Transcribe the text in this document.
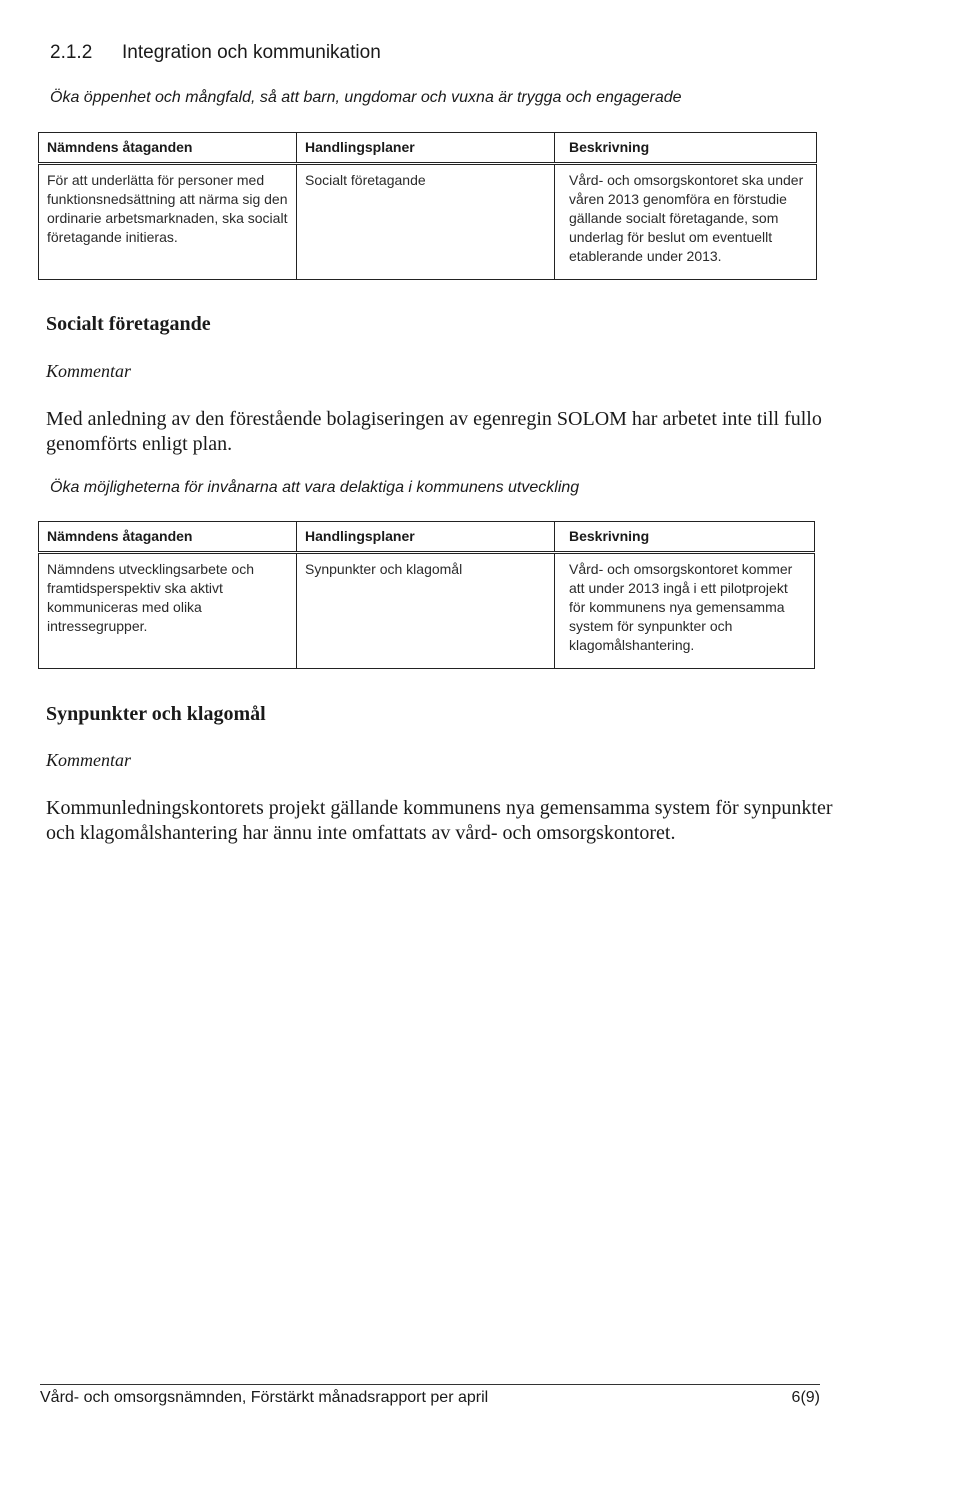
2.1.2 Integration och kommunikation
Öka öppenhet och mångfald, så att barn, ungdomar och vuxna är trygga och engagerade
Nämndens åtaganden	Handlingsplaner	Beskrivning
För att underlätta för personer med funktionsnedsättning att närma sig den ordinarie arbetsmarknaden, ska socialt företagande initieras.	Socialt företagande	Vård- och omsorgskontoret ska under våren 2013 genomföra en förstudie gällande socialt företagande, som underlag för beslut om eventuellt etablerande under 2013.
Socialt företagande
Kommentar
Med anledning av den förestående bolagiseringen av egenregin SOLOM har arbetet inte till fullo genomförts enligt plan.
Öka möjligheterna för invånarna att vara delaktiga i kommunens utveckling
Nämndens åtaganden	Handlingsplaner	Beskrivning
Nämndens utvecklingsarbete och framtidsperspektiv ska aktivt kommuniceras med olika intressegrupper.	Synpunkter och klagomål	Vård- och omsorgskontoret kommer att under 2013 ingå i ett pilotprojekt för kommunens nya gemensamma system för synpunkter och klagomålshantering.
Synpunkter och klagomål
Kommentar
Kommunledningskontorets projekt gällande kommunens nya gemensamma system för synpunkter och klagomålshantering har ännu inte omfattats av vård- och omsorgskontoret.
Vård- och omsorgsnämnden, Förstärkt månadsrapport per april	6(9)
